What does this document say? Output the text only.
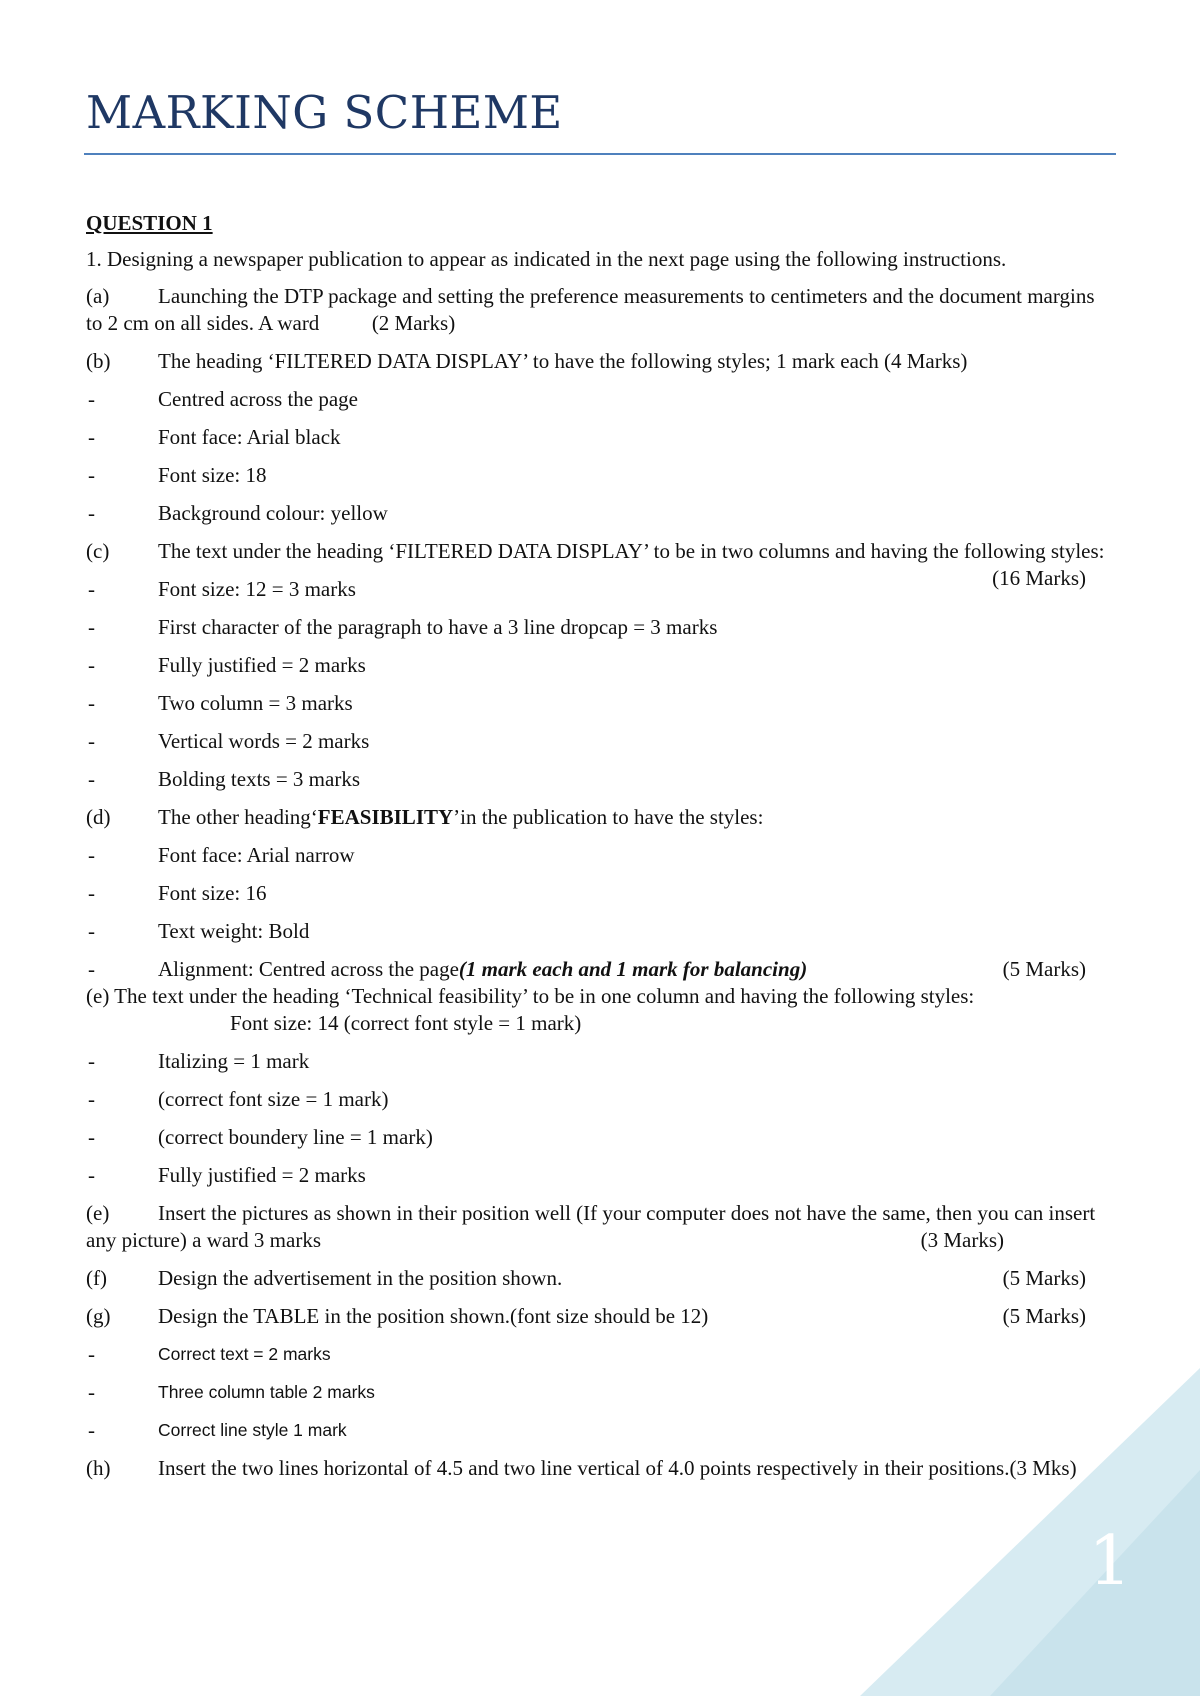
MARKING SCHEME
QUESTION 1
1. Designing a newspaper publication to appear as indicated in the next page using the following instructions.
(a) Launching the DTP package and setting the preference measurements to centimeters and the document margins to 2 cm on all sides. A ward	(2 Marks)
(b)	The heading ‘FILTERED DATA DISPLAY’ to have the following styles; 1 mark each (4 Marks)
-	Centred across the page
-	Font face: Arial black
-	Font size: 18
-	Background colour: yellow
(c) The text under the heading ‘FILTERED DATA DISPLAY’ to be in two columns and having the following styles:
(16 Marks)
-	Font size: 12 = 3 marks
-	First character of the paragraph to have a 3 line dropcap = 3 marks
-	Fully justified = 2 marks
-	Two column = 3 marks
-	Vertical words = 2 marks
-	Bolding texts = 3 marks
(d)	The other heading‘FEASIBILITY’in the publication to have the styles:
-	Font face: Arial narrow
-	Font size: 16
-	Text weight: Bold
-	Alignment: Centred across the page(1 mark each and 1 mark for balancing)	(5 Marks)
(e) The text under the heading ‘Technical feasibility’ to be in one column and having the following styles:
Font size: 14 (correct font style = 1 mark)
-	Italizing = 1 mark
-	(correct font size = 1 mark)
-	(correct boundery line = 1 mark)
-	Fully justified = 2 marks
(e) Insert the pictures as shown in their position well (If your computer does not have the same, then you can insert any picture) a ward 3 marks	(3 Marks)
(f) Design the advertisement in the position shown.	(5 Marks)
(g)	Design the TABLE in the position shown.(font size should be 12)	(5 Marks)
-	Correct text = 2 marks
-	Three column table 2 marks
-	Correct line style 1 mark
(h) Insert the two lines horizontal of 4.5 and two line vertical of 4.0 points respectively in their positions.(3 Mks)
1
